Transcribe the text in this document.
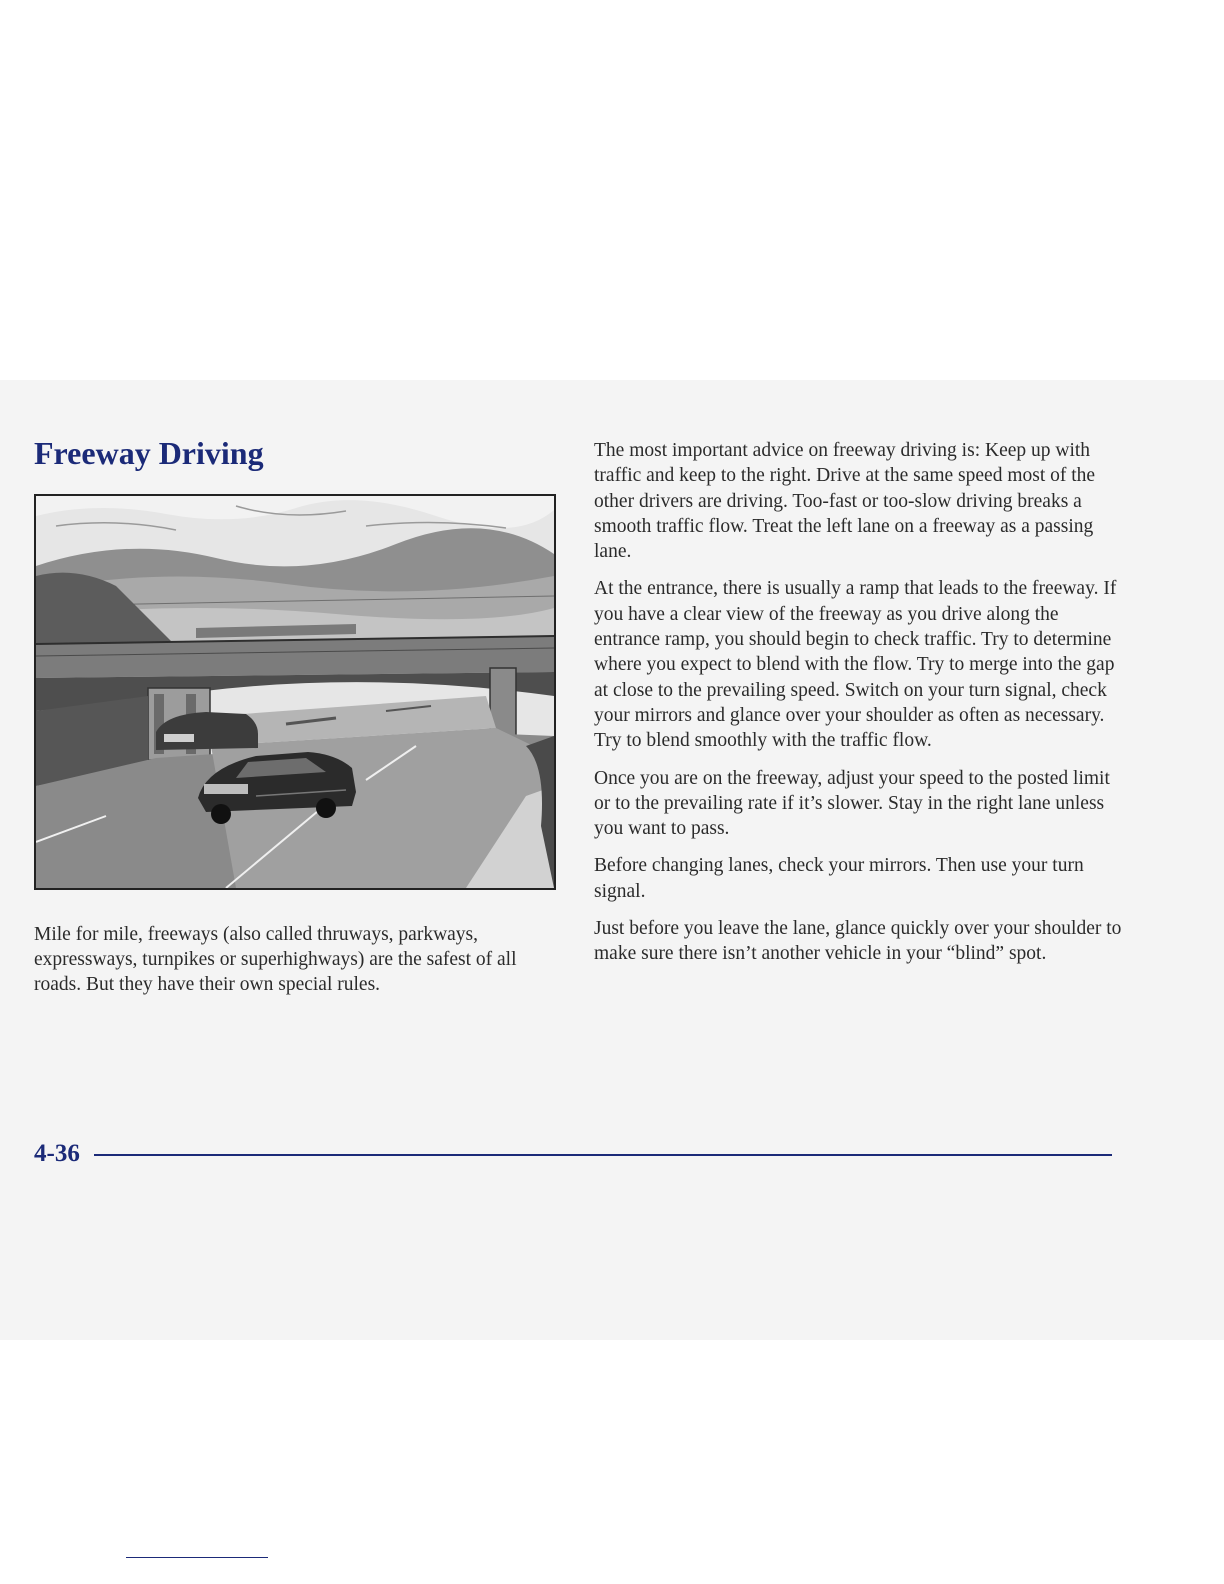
Freeway Driving

Mile for mile, freeways (also called thruways, parkways, expressways, turnpikes or superhighways) are the safest of all roads. But they have their own special rules.

The most important advice on freeway driving is: Keep up with traffic and keep to the right. Drive at the same speed most of the other drivers are driving. Too-fast or too-slow driving breaks a smooth traffic flow. Treat the left lane on a freeway as a passing lane.

At the entrance, there is usually a ramp that leads to the freeway. If you have a clear view of the freeway as you drive along the entrance ramp, you should begin to check traffic. Try to determine where you expect to blend with the flow. Try to merge into the gap at close to the prevailing speed. Switch on your turn signal, check your mirrors and glance over your shoulder as often as necessary. Try to blend smoothly with the traffic flow.

Once you are on the freeway, adjust your speed to the posted limit or to the prevailing rate if it’s slower. Stay in the right lane unless you want to pass.

Before changing lanes, check your mirrors. Then use your turn signal.

Just before you leave the lane, glance quickly over your shoulder to make sure there isn’t another vehicle in your “blind” spot.

4-36
